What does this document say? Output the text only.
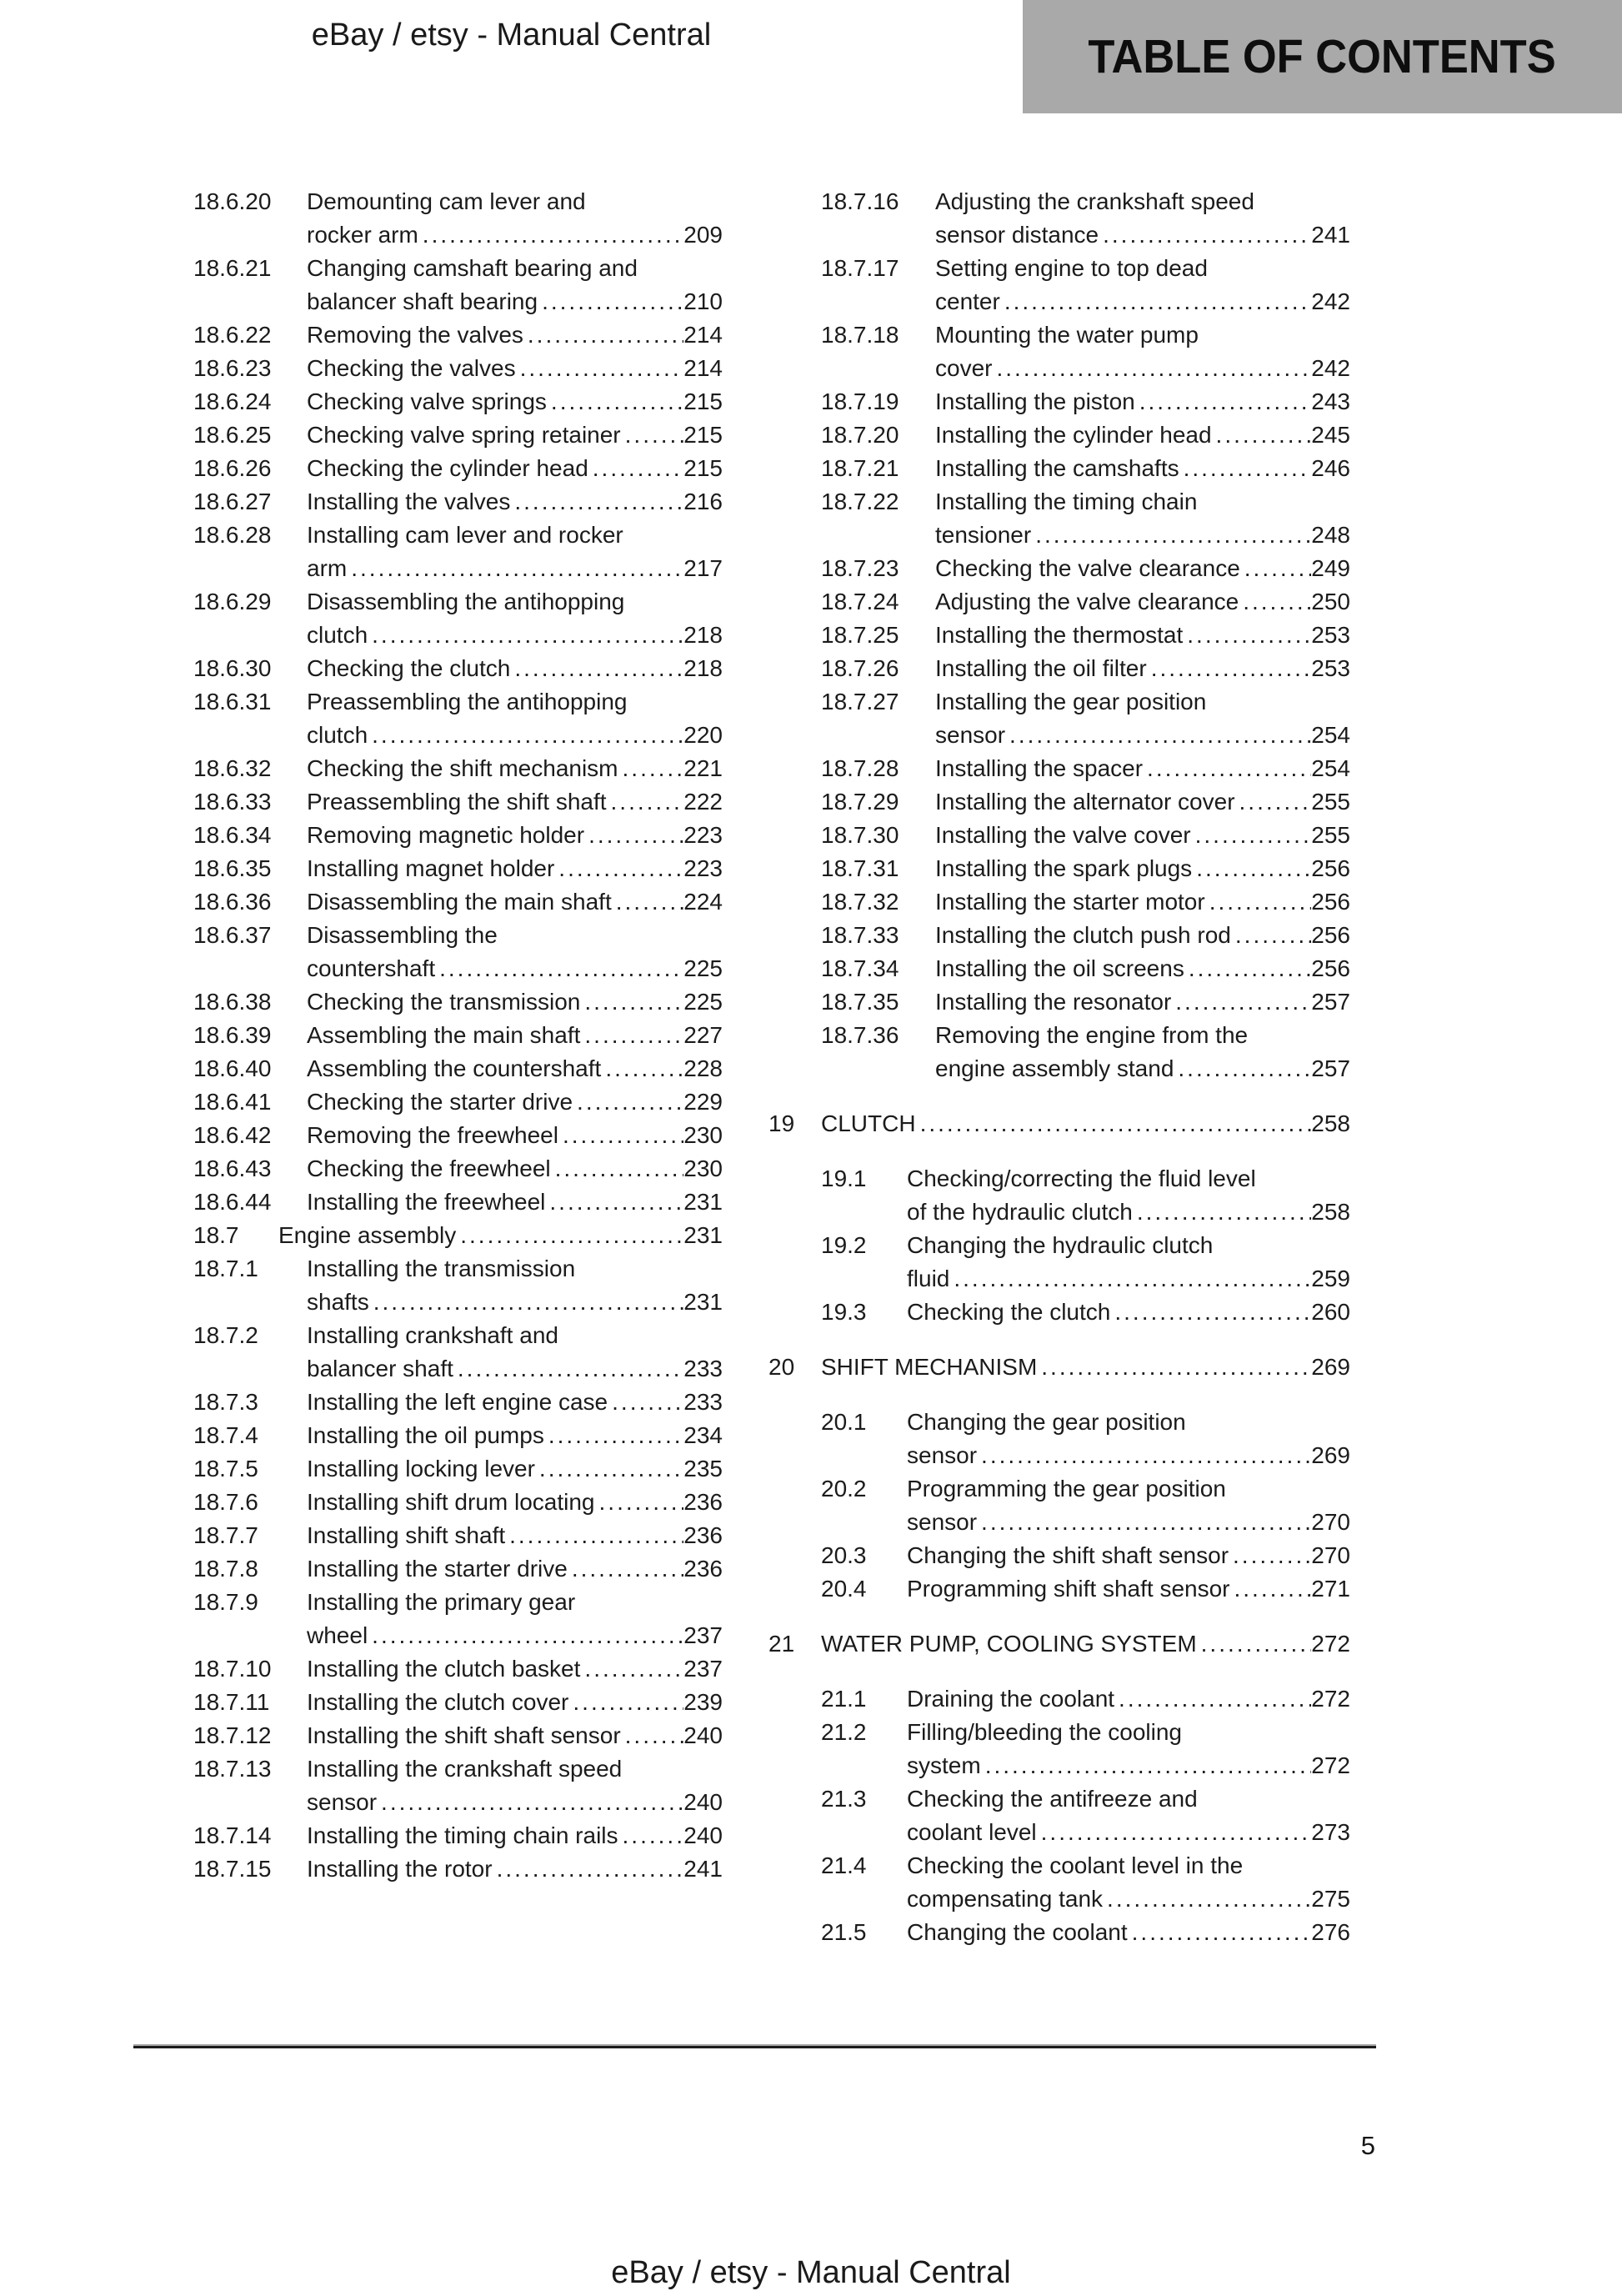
eBay / etsy - Manual Central	TABLE OF CONTENTS
18.6.20	Demounting cam lever and
rocker arm .....	209
18.6.21	Changing camshaft bearing and
balancer shaft bearing .....	210
18.6.22	Removing the valves .....	214
18.6.23	Checking the valves .....	214
18.6.24	Checking valve springs .....	215
18.6.25	Checking valve spring retainer .....	215
18.6.26	Checking the cylinder head .....	215
18.6.27	Installing the valves .....	216
18.6.28	Installing cam lever and rocker
arm .....	217
18.6.29	Disassembling the antihopping
clutch .....	218
18.6.30	Checking the clutch .....	218
18.6.31	Preassembling the antihopping
clutch .....	220
18.6.32	Checking the shift mechanism .....	221
18.6.33	Preassembling the shift shaft .....	222
18.6.34	Removing magnetic holder .....	223
18.6.35	Installing magnet holder .....	223
18.6.36	Disassembling the main shaft .....	224
18.6.37	Disassembling the
countershaft .....	225
18.6.38	Checking the transmission .....	225
18.6.39	Assembling the main shaft .....	227
18.6.40	Assembling the countershaft .....	228
18.6.41	Checking the starter drive .....	229
18.6.42	Removing the freewheel .....	230
18.6.43	Checking the freewheel .....	230
18.6.44	Installing the freewheel .....	231
18.7	Engine assembly .....	231
18.7.1	Installing the transmission
shafts .....	231
18.7.2	Installing crankshaft and
balancer shaft .....	233
18.7.3	Installing the left engine case .....	233
18.7.4	Installing the oil pumps .....	234
18.7.5	Installing locking lever .....	235
18.7.6	Installing shift drum locating .....	236
18.7.7	Installing shift shaft .....	236
18.7.8	Installing the starter drive .....	236
18.7.9	Installing the primary gear
wheel .....	237
18.7.10	Installing the clutch basket .....	237
18.7.11	Installing the clutch cover .....	239
18.7.12	Installing the shift shaft sensor .....	240
18.7.13	Installing the crankshaft speed
sensor .....	240
18.7.14	Installing the timing chain rails .....	240
18.7.15	Installing the rotor .....	241
18.7.16	Adjusting the crankshaft speed
sensor distance .....	241
18.7.17	Setting engine to top dead
center .....	242
18.7.18	Mounting the water pump
cover .....	242
18.7.19	Installing the piston .....	243
18.7.20	Installing the cylinder head .....	245
18.7.21	Installing the camshafts .....	246
18.7.22	Installing the timing chain
tensioner .....	248
18.7.23	Checking the valve clearance .....	249
18.7.24	Adjusting the valve clearance .....	250
18.7.25	Installing the thermostat .....	253
18.7.26	Installing the oil filter .....	253
18.7.27	Installing the gear position
sensor .....	254
18.7.28	Installing the spacer .....	254
18.7.29	Installing the alternator cover .....	255
18.7.30	Installing the valve cover .....	255
18.7.31	Installing the spark plugs .....	256
18.7.32	Installing the starter motor .....	256
18.7.33	Installing the clutch push rod .....	256
18.7.34	Installing the oil screens .....	256
18.7.35	Installing the resonator .....	257
18.7.36	Removing the engine from the
engine assembly stand .....	257
19	CLUTCH .....	258
19.1	Checking/correcting the fluid level
of the hydraulic clutch .....	258
19.2	Changing the hydraulic clutch
fluid .....	259
19.3	Checking the clutch .....	260
20	SHIFT MECHANISM .....	269
20.1	Changing the gear position
sensor .....	269
20.2	Programming the gear position
sensor .....	270
20.3	Changing the shift shaft sensor .....	270
20.4	Programming shift shaft sensor .....	271
21	WATER PUMP, COOLING SYSTEM .....	272
21.1	Draining the coolant .....	272
21.2	Filling/bleeding the cooling
system .....	272
21.3	Checking the antifreeze and
coolant level .....	273
21.4	Checking the coolant level in the
compensating tank .....	275
21.5	Changing the coolant .....	276
5
eBay / etsy - Manual Central
